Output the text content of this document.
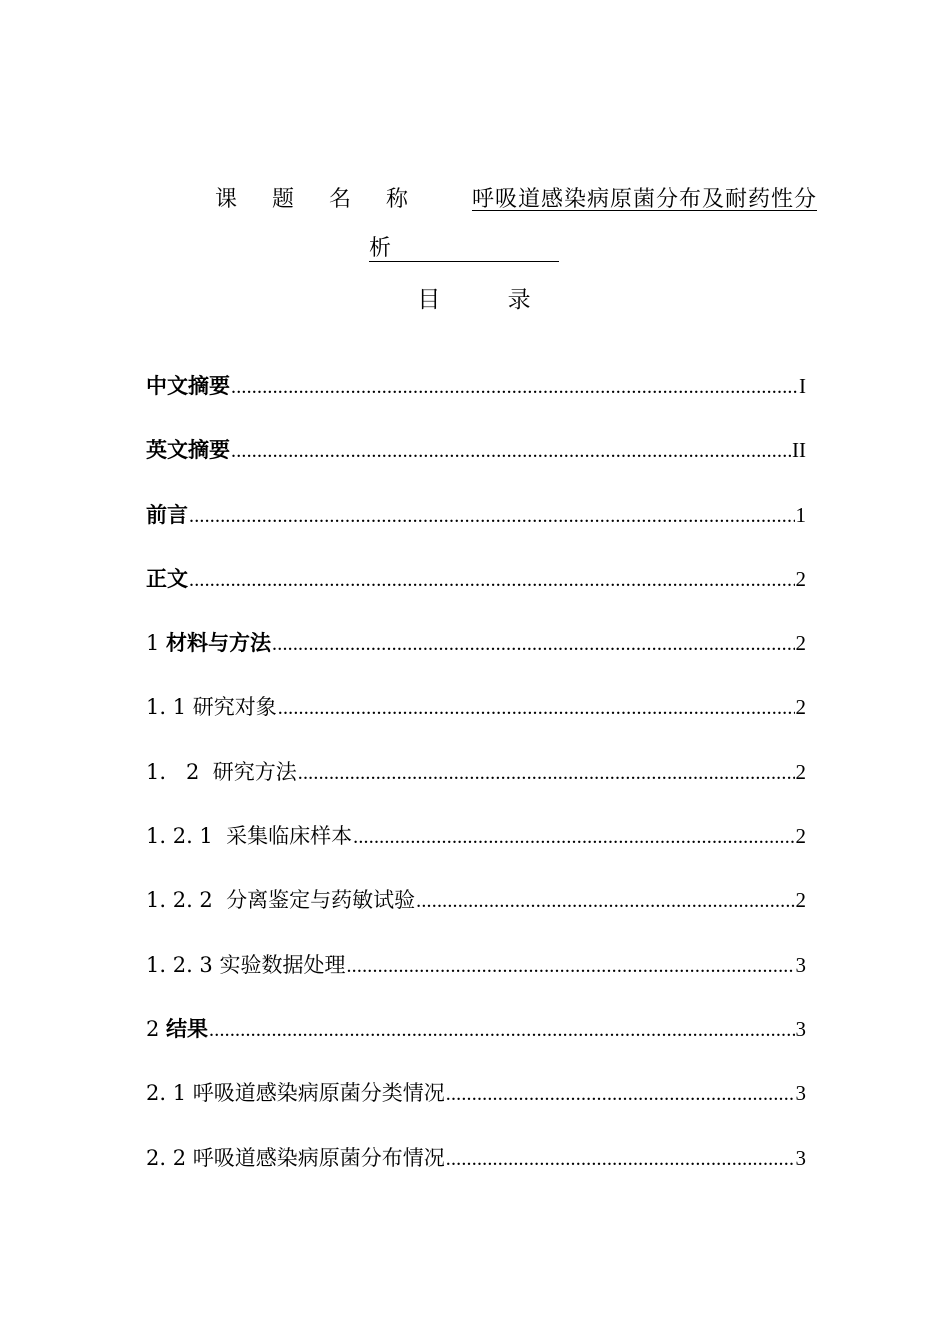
课 题 名 称 呼吸道感染病原菌分布及耐药性分
析
目 录
中文摘要 .....	I
英文摘要 .....	II
前言 .....	1
正文 .....	2
1 材料与方法 .....	2
1. 1 研究对象 .....	2
1.   2  研究方法 .....	2
1. 2. 1  采集临床样本 .....	2
1. 2. 2  分离鉴定与药敏试验 .....	2
1. 2. 3 实验数据处理 .....	3
2 结果 .....	3
2. 1 呼吸道感染病原菌分类情况 .....	3
2. 2 呼吸道感染病原菌分布情况 .....	3
